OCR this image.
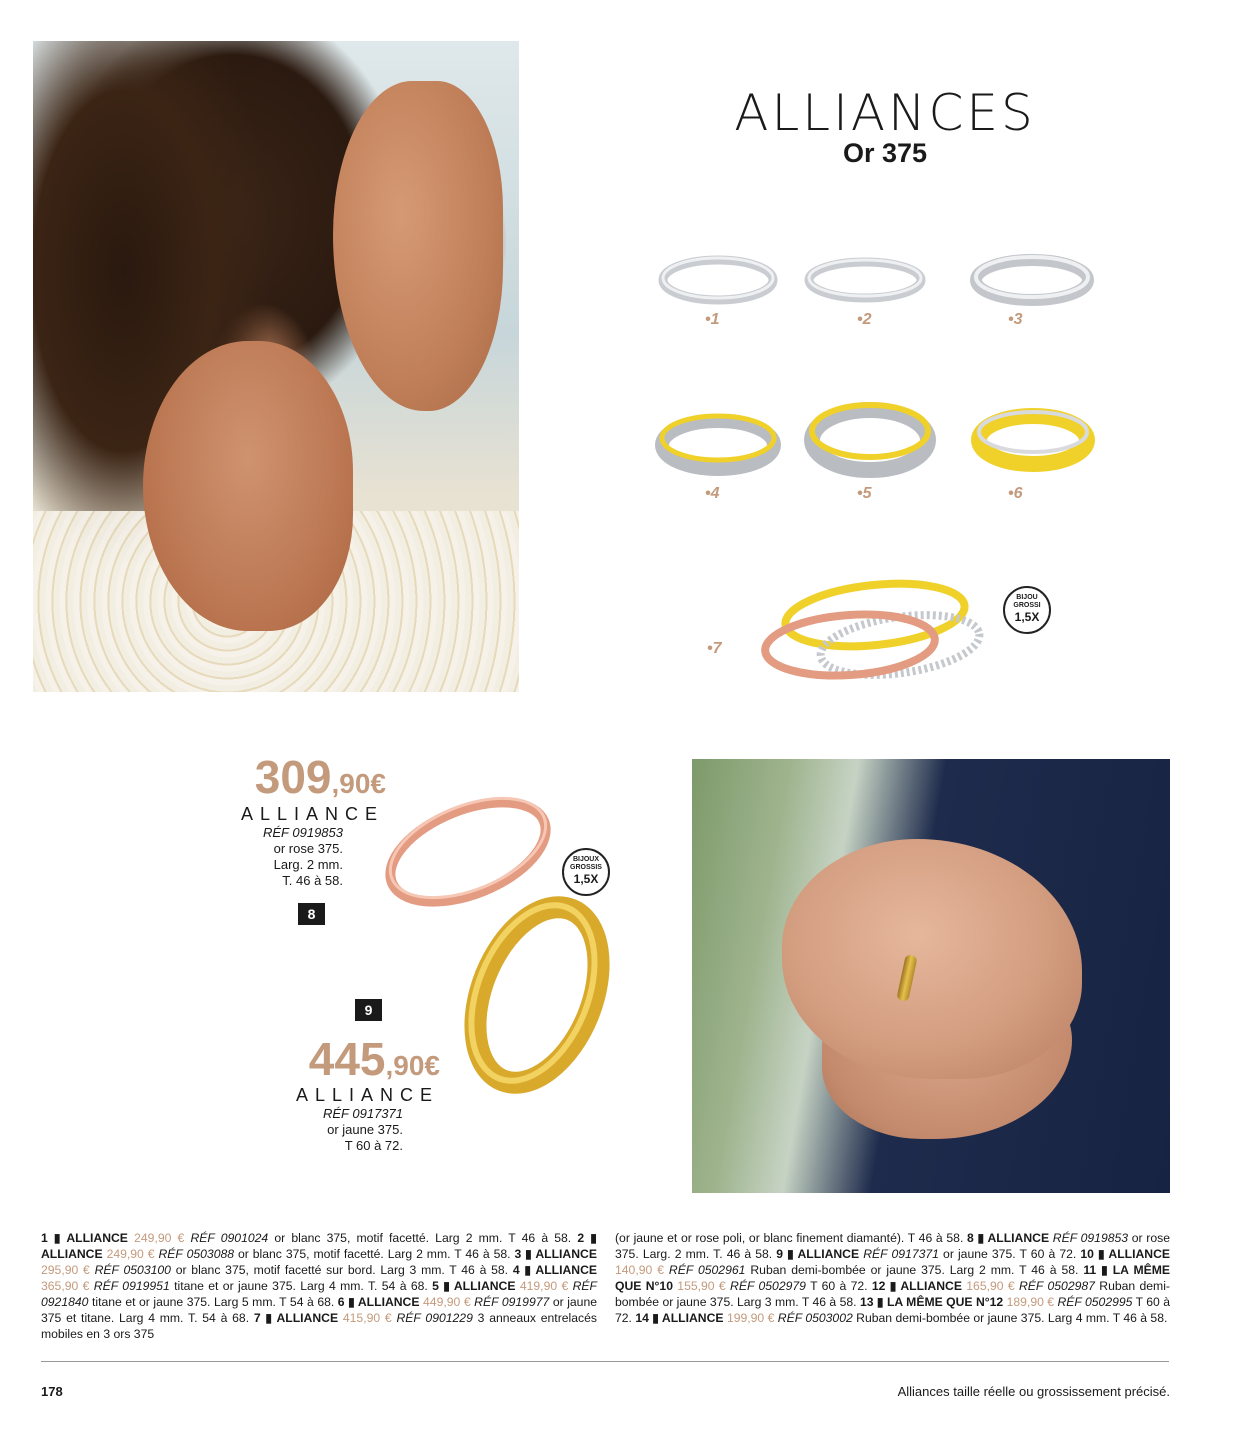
ALLIANCES
Or 375
•1	•2	•3
•4	•5	•6
•7
BIJOU
GROSSI
1,5X
309,90€
ALLIANCE
RÉF 0919853
or rose 375.
Larg. 2 mm.
T. 46 à 58.
8
BIJOUX
GROSSIS
1,5X
9
445,90€
ALLIANCE
RÉF 0917371
or jaune 375.
T 60 à 72.
1 ▮ ALLIANCE 249,90 € RÉF 0901024 or blanc 375, motif facetté. Larg 2 mm. T 46 à 58. 2 ▮ ALLIANCE 249,90 € RÉF 0503088 or blanc 375, motif facetté. Larg 2 mm. T 46 à 58. 3 ▮ ALLIANCE 295,90 € RÉF 0503100 or blanc 375, motif facetté sur bord. Larg 3 mm. T 46 à 58. 4 ▮ ALLIANCE 365,90 € RÉF 0919951 titane et or jaune 375. Larg 4 mm. T. 54 à 68. 5 ▮ ALLIANCE 419,90 € RÉF 0921840 titane et or jaune 375. Larg 5 mm. T 54 à 68. 6 ▮ ALLIANCE 449,90 € RÉF 0919977 or jaune 375 et titane. Larg 4 mm. T. 54 à 68. 7 ▮ ALLIANCE 415,90 € RÉF 0901229 3 anneaux entrelacés mobiles en 3 ors 375
(or jaune et or rose poli, or blanc finement diamanté). T 46 à 58. 8 ▮ ALLIANCE RÉF 0919853 or rose 375. Larg. 2 mm. T. 46 à 58. 9 ▮ ALLIANCE RÉF 0917371 or jaune 375. T 60 à 72. 10 ▮ ALLIANCE 140,90 € RÉF 0502961 Ruban demi-bombée or jaune 375. Larg 2 mm. T 46 à 58. 11 ▮ LA MÊME QUE N°10 155,90 € RÉF 0502979 T 60 à 72. 12 ▮ ALLIANCE 165,90 € RÉF 0502987 Ruban demi-bombée or jaune 375. Larg 3 mm. T 46 à 58. 13 ▮ LA MÊME QUE N°12 189,90 € RÉF 0502995 T 60 à 72. 14 ▮ ALLIANCE 199,90 € RÉF 0503002 Ruban demi-bombée or jaune 375. Larg 4 mm. T 46 à 58.
178	Alliances taille réelle ou grossissement précisé.
